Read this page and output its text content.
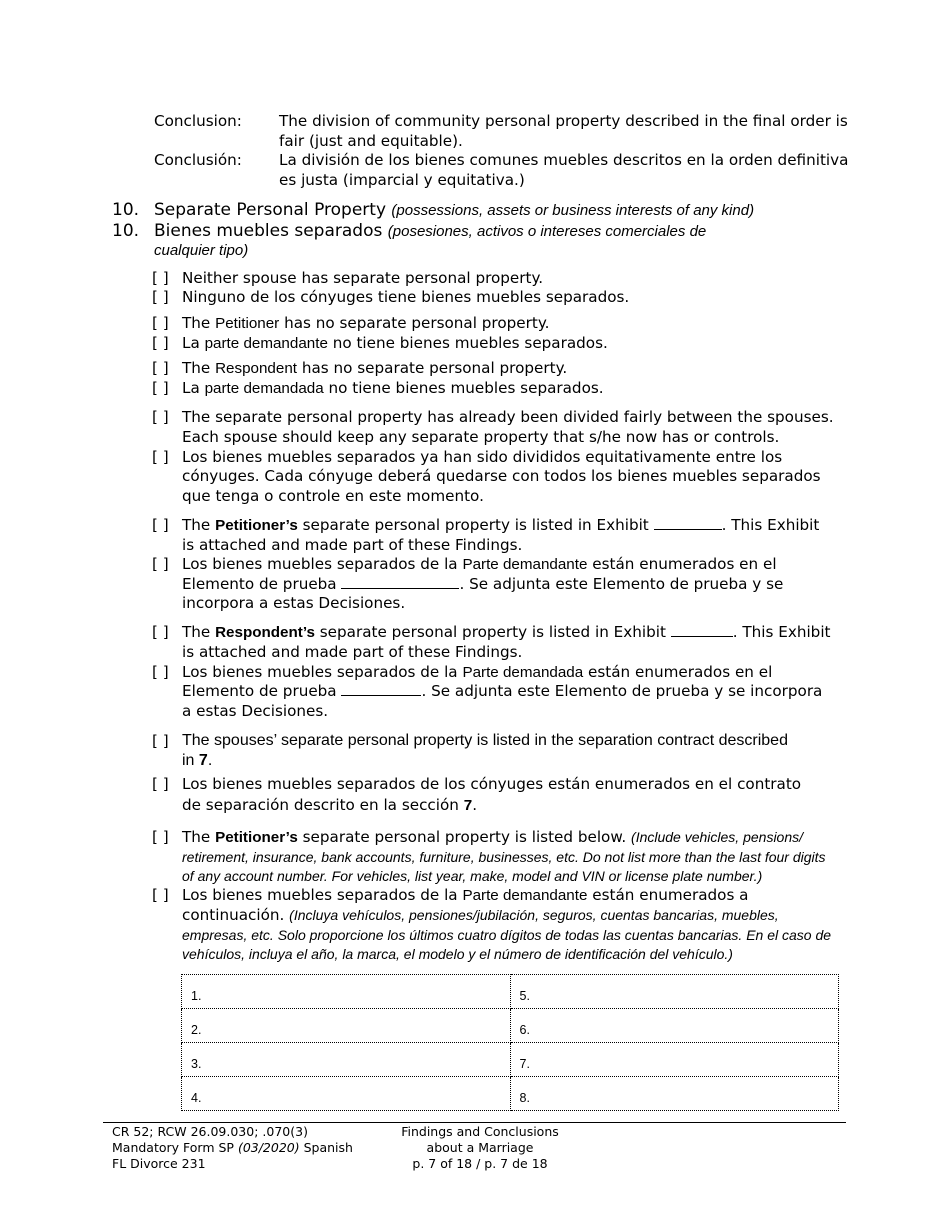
Conclusion: The division of community personal property described in the final order is
fair (just and equitable).
Conclusión: La división de los bienes comunes muebles descritos en la orden definitiva
es justa (imparcial y equitativa.)
10. Separate Personal Property (possessions, assets or business interests of any kind)
10. Bienes muebles separados (posesiones, activos o intereses comerciales de
cualquier tipo)
[ ] Neither spouse has separate personal property.
[ ] Ninguno de los cónyuges tiene bienes muebles separados.
[ ] The Petitioner has no separate personal property.
[ ] La parte demandante no tiene bienes muebles separados.
[ ] The Respondent has no separate personal property.
[ ] La parte demandada no tiene bienes muebles separados.
[ ] The separate personal property has already been divided fairly between the spouses.
Each spouse should keep any separate property that s/he now has or controls.
[ ] Los bienes muebles separados ya han sido divididos equitativamente entre los
cónyuges. Cada cónyuge deberá quedarse con todos los bienes muebles separados
que tenga o controle en este momento.
[ ] The Petitioner’s separate personal property is listed in Exhibit	. This Exhibit
is attached and made part of these Findings.
[ ] Los bienes muebles separados de la Parte demandante están enumerados en el
Elemento de prueba	. Se adjunta este Elemento de prueba y se
incorpora a estas Decisiones.
[ ] The Respondent’s separate personal property is listed in Exhibit	. This Exhibit
is attached and made part of these Findings.
[ ] Los bienes muebles separados de la Parte demandada están enumerados en el
Elemento de prueba	. Se adjunta este Elemento de prueba y se incorpora
a estas Decisiones.
[ ] The spouses’ separate personal property is listed in the separation contract described
in 7.
[ ] Los bienes muebles separados de los cónyuges están enumerados en el contrato
de separación descrito en la sección 7.
[ ] The Petitioner’s separate personal property is listed below. (Include vehicles, pensions/
retirement, insurance, bank accounts, furniture, businesses, etc. Do not list more than the last four digits
of any account number. For vehicles, list year, make, model and VIN or license plate number.)
[ ] Los bienes muebles separados de la Parte demandante están enumerados a
continuación. (Incluya vehículos, pensiones/jubilación, seguros, cuentas bancarias, muebles,
empresas, etc. Solo proporcione los últimos cuatro dígitos de todas las cuentas bancarias. En el caso de
vehículos, incluya el año, la marca, el modelo y el número de identificación del vehículo.)
1.	5.
2.	6.
3.	7.
4.	8.
CR 52; RCW 26.09.030; .070(3)
Mandatory Form SP (03/2020) Spanish
FL Divorce 231
Findings and Conclusions
about a Marriage
p. 7 of 18 / p. 7 de 18
